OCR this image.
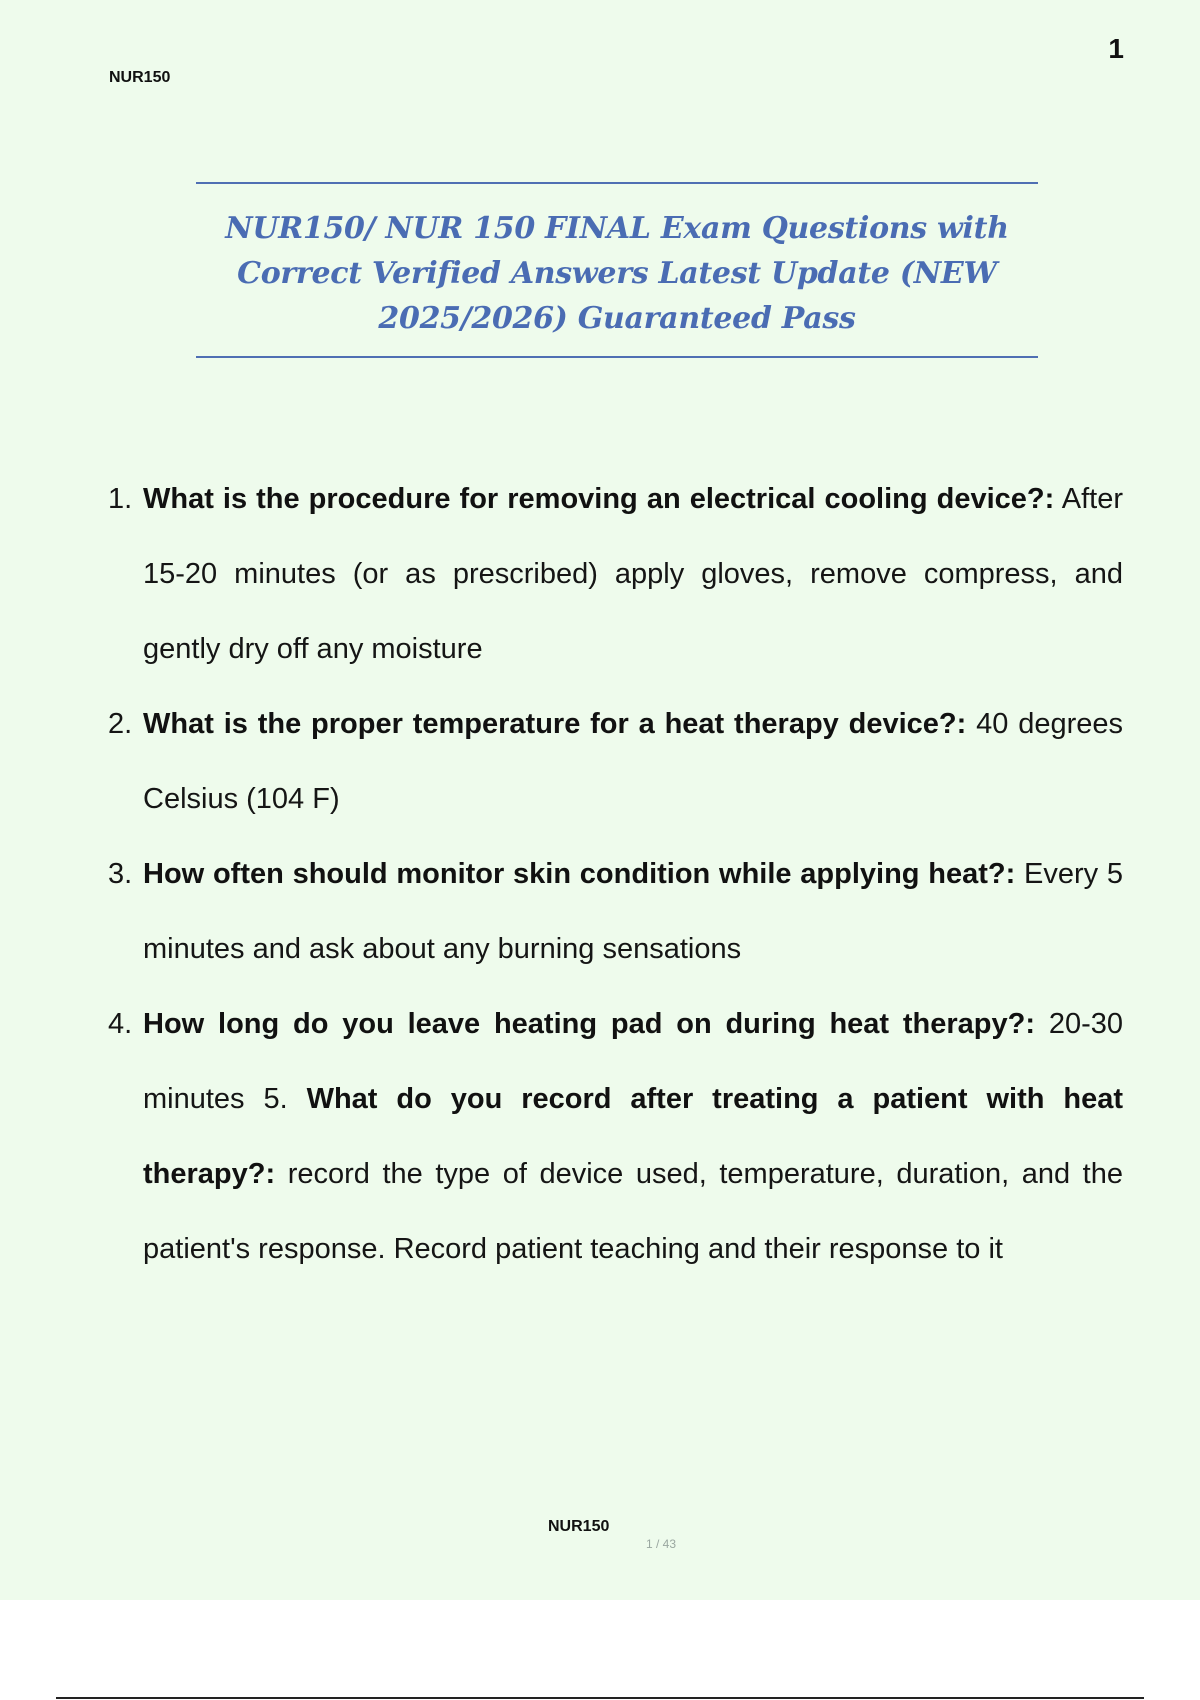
NUR150
1

NUR150/ NUR 150 FINAL Exam Questions with
Correct Verified Answers Latest Update (NEW
2025/2026) Guaranteed Pass

1. What is the procedure for removing an electrical cooling device?: After 15-20 minutes (or as prescribed) apply gloves, remove compress, and gently dry off any moisture
2. What is the proper temperature for a heat therapy device?: 40 degrees Celsius (104 F)
3. How often should monitor skin condition while applying heat?: Every 5 minutes and ask about any burning sensations
4. How long do you leave heating pad on during heat therapy?: 20-30 minutes 5. What do you record after treating a patient with heat therapy?: record the type of device used, temperature, duration, and the patient's response. Record patient teaching and their response to it
NUR150
1 / 43
